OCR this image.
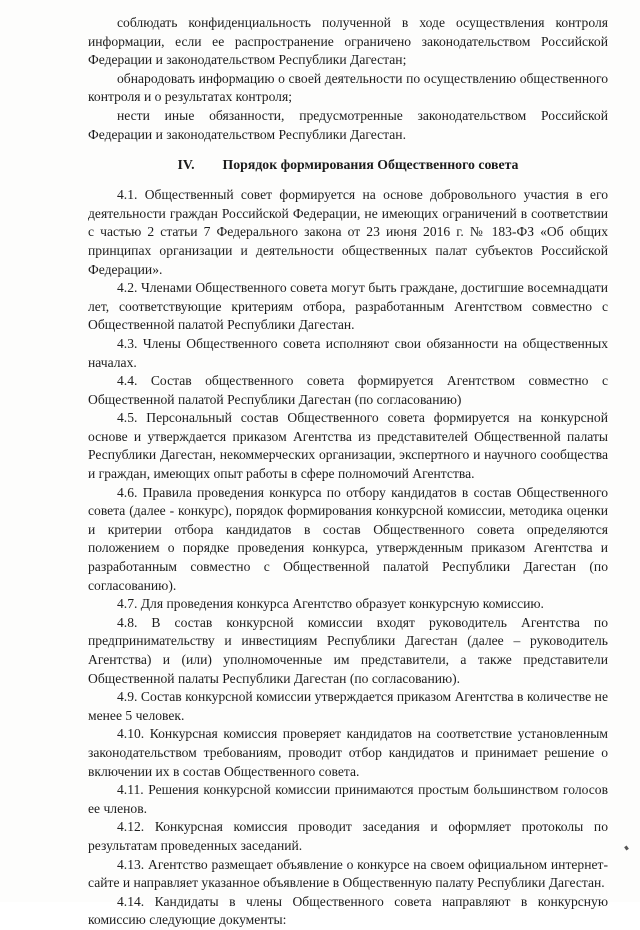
соблюдать конфиденциальность полученной в ходе осуществления контроля информации, если ее распространение ограничено законодательством Российской Федерации и законодательством Республики Дагестан;

обнародовать информацию о своей деятельности по осуществлению общественного контроля и о результатах контроля;

нести иные обязанности, предусмотренные законодательством Российской Федерации и законодательством Республики Дагестан.

IV. Порядок формирования Общественного совета

4.1. Общественный совет формируется на основе добровольного участия в его деятельности граждан Российской Федерации, не имеющих ограничений в соответствии с частью 2 статьи 7 Федерального закона от 23 июня 2016 г. № 183-ФЗ «Об общих принципах организации и деятельности общественных палат субъектов Российской Федерации».

4.2. Членами Общественного совета могут быть граждане, достигшие восемнадцати лет, соответствующие критериям отбора, разработанным Агентством совместно с Общественной палатой Республики Дагестан.

4.3. Члены Общественного совета исполняют свои обязанности на общественных началах.

4.4. Состав общественного совета формируется Агентством совместно с Общественной палатой Республики Дагестан (по согласованию)

4.5. Персональный состав Общественного совета формируется на конкурсной основе и утверждается приказом Агентства из представителей Общественной палаты Республики Дагестан, некоммерческих организации, экспертного и научного сообщества и граждан, имеющих опыт работы в сфере полномочий Агентства.

4.6. Правила проведения конкурса по отбору кандидатов в состав Общественного совета (далее - конкурс), порядок формирования конкурсной комиссии, методика оценки и критерии отбора кандидатов в состав Общественного совета определяются положением о порядке проведения конкурса, утвержденным приказом Агентства и разработанным совместно с Общественной палатой Республики Дагестан (по согласованию).

4.7. Для проведения конкурса Агентство образует конкурсную комиссию.

4.8. В состав конкурсной комиссии входят руководитель Агентства по предпринимательству и инвестициям Республики Дагестан (далее – руководитель Агентства) и (или) уполномоченные им представители, а также представители Общественной палаты Республики Дагестан (по согласованию).

4.9. Состав конкурсной комиссии утверждается приказом Агентства в количестве не менее 5 человек.

4.10. Конкурсная комиссия проверяет кандидатов на соответствие установленным законодательством требованиям, проводит отбор кандидатов и принимает решение о включении их в состав Общественного совета.

4.11. Решения конкурсной комиссии принимаются простым большинством голосов ее членов.

4.12. Конкурсная комиссия проводит заседания и оформляет протоколы по результатам проведенных заседаний.

4.13. Агентство размещает объявление о конкурсе на своем официальном интернет-сайте и направляет указанное объявление в Общественную палату Республики Дагестан.

4.14. Кандидаты в члены Общественного совета направляют в конкурсную комиссию следующие документы:
